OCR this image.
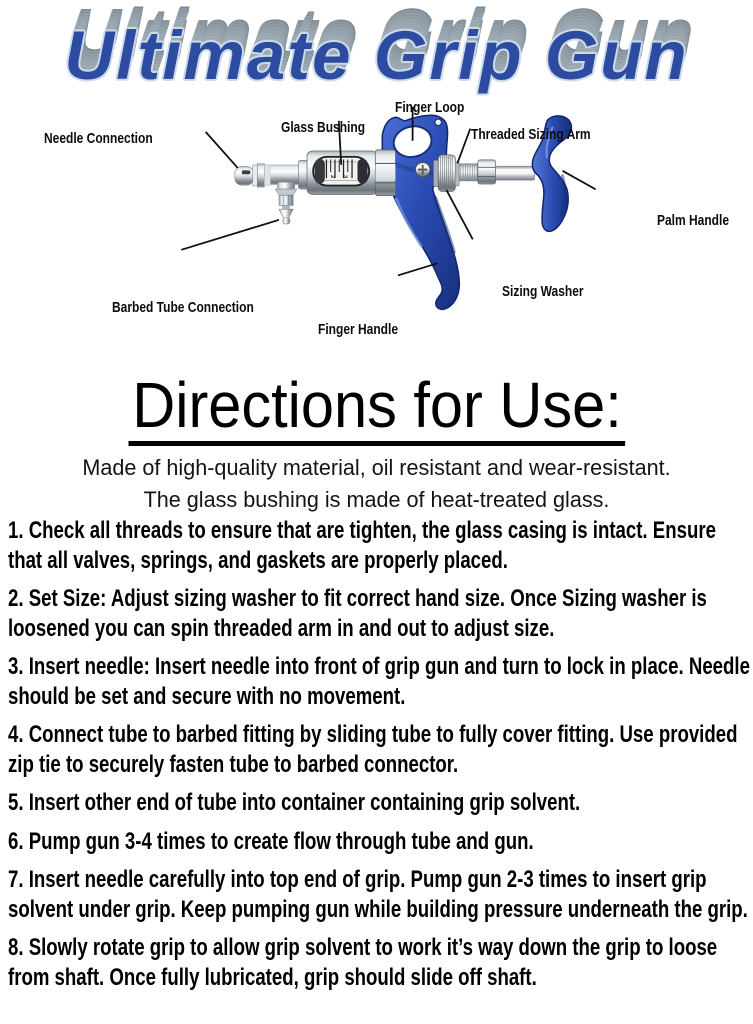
Ultimate Grip Gun
2 3
Needle Connection
Glass Bushing
Finger Loop
Threaded Sizing Arm
Palm Handle
Sizing Washer
Barbed Tube Connection
Finger Handle
Directions for Use:

Made of high-quality material, oil resistant and wear-resistant.

The glass bushing is made of heat-treated glass.

1. Check all threads to ensure that are tighten, the glass casing is intact. Ensure that all valves, springs, and gaskets are properly placed.

2. Set Size: Adjust sizing washer to fit correct hand size. Once Sizing washer is loosened you can spin threaded arm in and out to adjust size.

3. Insert needle: Insert needle into front of grip gun and turn to lock in place. Needle should be set and secure with no movement.

4. Connect tube to barbed fitting by sliding tube to fully cover fitting. Use provided zip tie to securely fasten tube to barbed connector.

5. Insert other end of tube into container containing grip solvent.

6. Pump gun 3-4 times to create flow through tube and gun.

7. Insert needle carefully into top end of grip. Pump gun 2-3 times to insert grip solvent under grip. Keep pumping gun while building pressure underneath the grip.

8. Slowly rotate grip to allow grip solvent to work it’s way down the grip to loose from shaft. Once fully lubricated, grip should slide off shaft.
